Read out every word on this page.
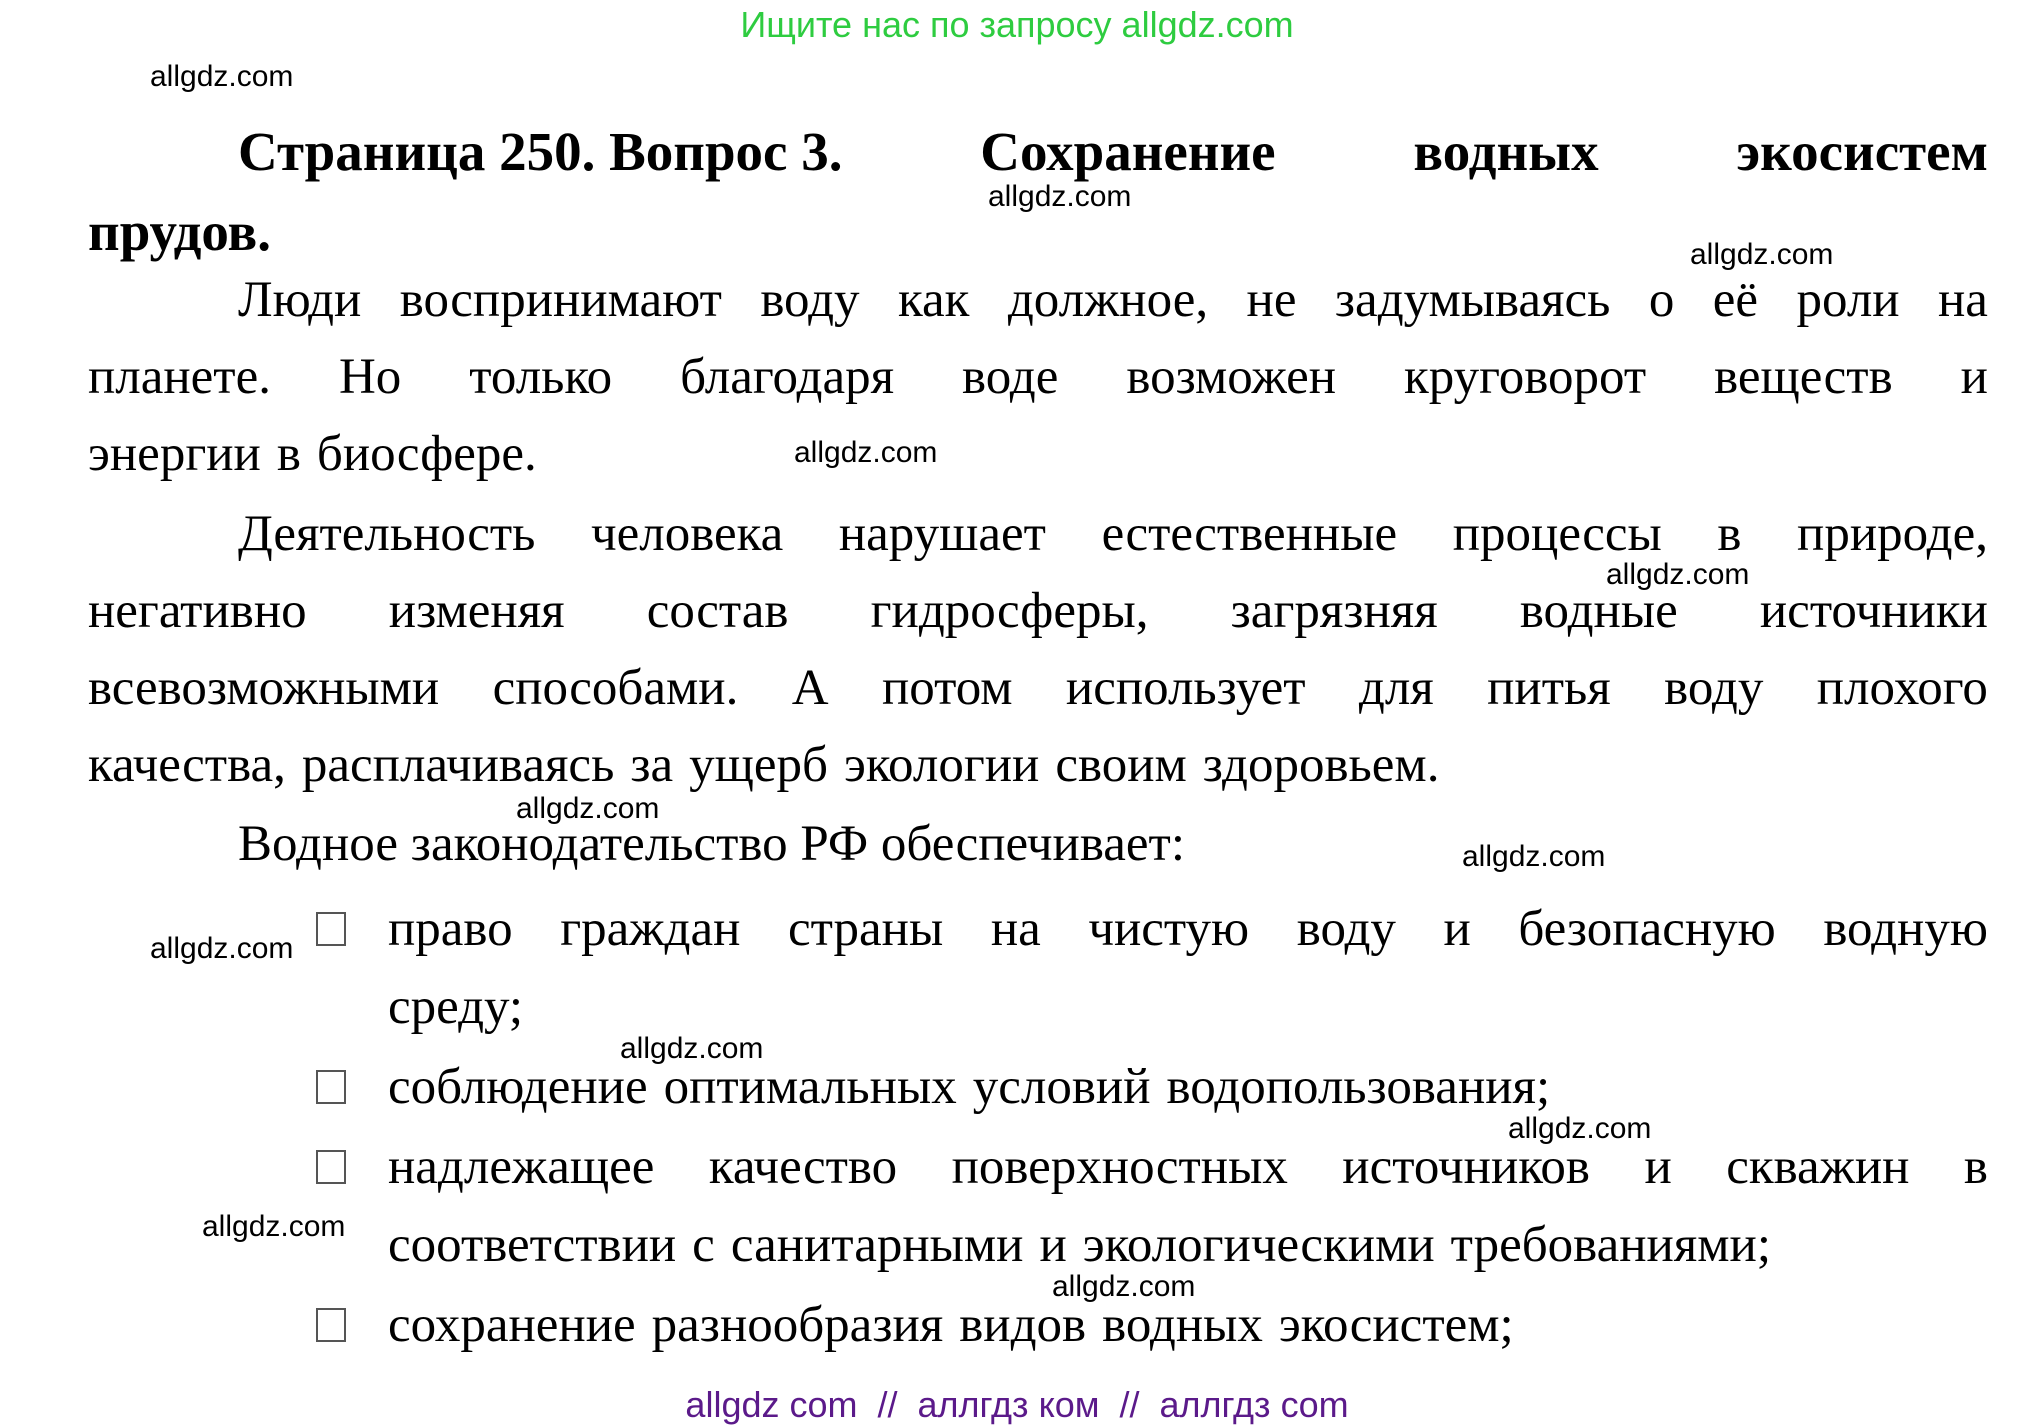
Ищите нас по запросу allgdz.com
allgdz.com
allgdz.com
allgdz.com
allgdz.com
allgdz.com
allgdz.com
allgdz.com
allgdz.com
allgdz.com
allgdz.com
allgdz.com
allgdz.com
Страница 250. Вопрос 3.	Сохранение	водных	экосистем
прудов.
Люди воспринимают воду как должное, не задумываясь о её роли на
планете. Но только благодаря воде возможен круговорот веществ и
энергии в биосфере.
Деятельность человека нарушает естественные процессы в природе,
негативно изменяя состав гидросферы, загрязняя водные источники
всевозможными способами. А потом использует для питья воду плохого
качества, расплачиваясь за ущерб экологии своим здоровьем.
Водное законодательство РФ обеспечивает:
право граждан страны на чистую воду и безопасную водную
среду;
соблюдение оптимальных условий водопользования;
надлежащее качество поверхностных источников и скважин в
соответствии с санитарными и экологическими требованиями;
сохранение разнообразия видов водных экосистем;
allgdz com  //  аллгдз ком  //  аллгдз com
